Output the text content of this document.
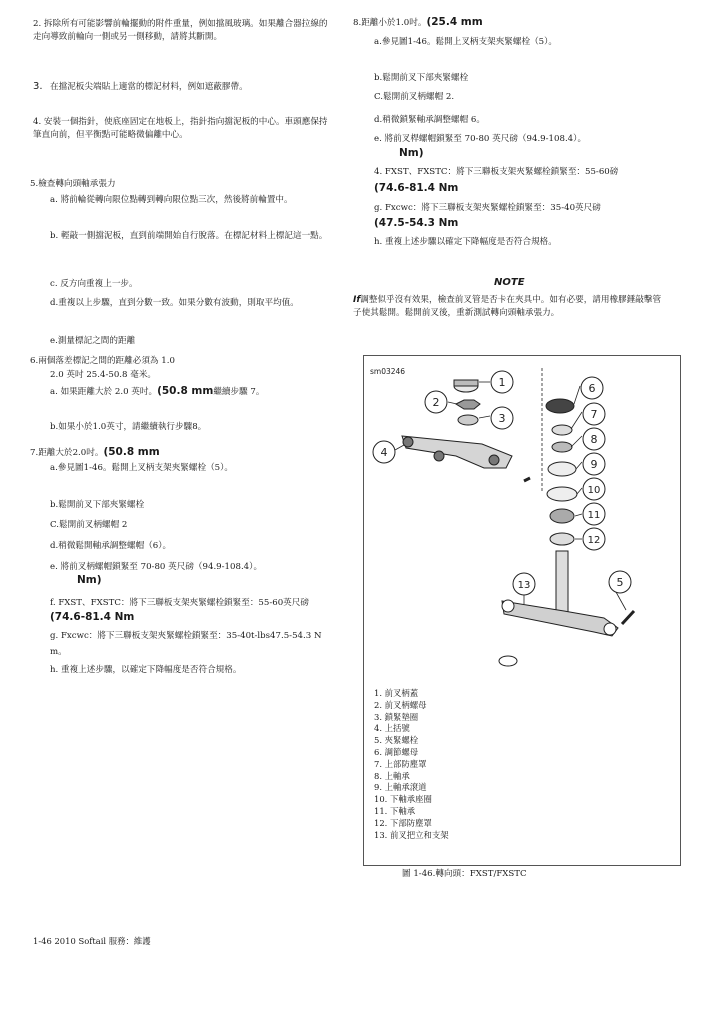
2. 拆除所有可能影響前輪擺動的附件重量，例如擋風玻璃。如果離合器拉線的走向導致前輪向一側或另一側移動，請將其斷開。
3. 在擋泥板尖端貼上適當的標記材料，例如遮蔽膠帶。
4. 安裝一個指針，使底座固定在地板上，指針指向擋泥板的中心。車頭應保持筆直向前，但平衡點可能略微偏離中心。
5.檢查轉向頭軸承張力
a. 將前輪從轉向限位點轉到轉向限位點三次，然後將前輪置中。
b. 輕敲一側擋泥板，直到前端開始自行脫落。在標記材料上標記這一點。
c. 反方向重複上一步。
d.重複以上步驟，直到分數一致。如果分數有波動，則取平均值。
e.測量標記之間的距離
6.兩個落差標記之間的距離必須為 1.0
2.0 英吋 25.4-50.8 毫米。
a. 如果距離大於 2.0 英吋。(50.8 mm繼續步驟 7。
b.如果小於1.0英寸，請繼續執行步驟8。
7.距離大於2.0吋。(50.8 mm
a.參見圖1-46。鬆開上叉柄支架夾緊螺栓（5）。
b.鬆開前叉下部夾緊螺栓
C.鬆開前叉柄螺帽 2
d.稍微鬆開軸承調整螺帽（6）。
e. 將前叉柄螺帽鎖緊至 70-80 英尺磅（94.9-108.4）。
Nm)
f. FXST、FXSTC：將下三聯板支架夾緊螺栓鎖緊至：55-60英尺磅
(74.6-81.4 Nm
g. Fxcwc：將下三聯板支架夾緊螺栓鎖緊至：35-40t-lbs47.5-54.3 N
m。
h. 重複上述步驟，以確定下降幅度是否符合規格。
8.距離小於1.0吋。(25.4 mm
a.參見圖1-46。鬆開上叉柄支架夾緊螺栓（5）。
b.鬆開前叉下部夾緊螺栓
C.鬆開前叉柄螺帽 2.
d.稍微鎖緊軸承調整螺帽 6。
e. 將前叉桿螺帽鎖緊至 70-80 英尺磅（94.9-108.4）。
Nm)
4. FXST、FXSTC：將下三聯板支架夾緊螺栓鎖緊至：55-60磅
(74.6-81.4 Nm
g. Fxcwc：將下三聯板支架夾緊螺栓鎖緊至：35-40英尺磅
(47.5-54.3 Nm
h. 重複上述步驟以確定下降幅度是否符合規格。
NOTE
If調整似乎沒有效果，檢查前叉管是否卡在夾具中。如有必要，請用橡膠錘敲擊管子使其鬆開。鬆開前叉後，重新測試轉向頭軸承張力。
sm03246
1
2
3
4
5
6
7
8
9
10
11
12
13
1. 前叉柄蓋
2. 前叉柄螺母
3. 鎖緊墊圈
4. 上括號
5. 夾緊螺栓
6. 調節螺母
7. 上部防塵罩
8. 上軸承
9. 上軸承滾道
10. 下軸承座圈
11. 下軸承
12. 下部防塵罩
13. 前叉把立和支架
圖 1-46.轉向頭：FXST/FXSTC
1-46 2010 Softail 服務：維護
